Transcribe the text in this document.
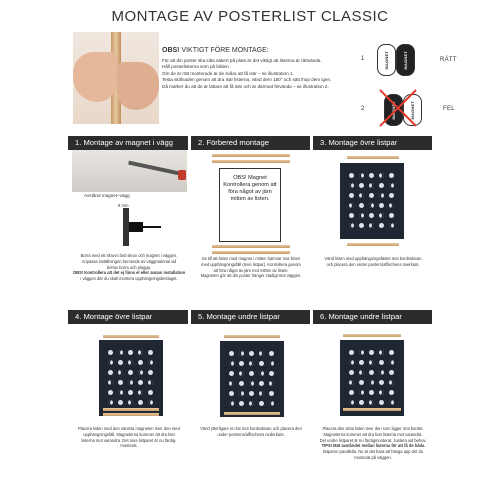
MONTAGE AV POSTERLIST CLASSIC
OBS! VIKTIGT FÖRE MONTAGE:
För att din poster ska sitta säkert på plats är det viktigt att listerna är rättvända.
Håll posterlisterna som på bilden.
Om de är rätt monterade är de svåra att få isär – se illustration 1.
Testa skillnaden genom att dra isär listerna, vänd dem 180° och sätt ihop dem igen.
Då märker du att de är lättare att få isär och är därmed felvända – se illustration 2.
1
2
RÄTT
FEL
MAGNET	MAGNET
MAGNET	MAGNET
1. Montage av magnet i vägg	2. Förbered montage	3. Montage övre listpar
Avstånd magnet–vägg
8 mm
OBS! Magnet Kontrollera genom att föra något av järn mitten av listen.
Borra med ett skruvs fast skruv och magnet i väggen.
Anpassa inställningen beroende av väggmaterial vid
behov borra och plugga.
OBS! Kontrollera att det ej finns el eller annan installation
i väggen där du skall montera upphängningsbeslaget.
Se till att listen med magnet i mitten hamnar mot listen
med upphängningsfäll (övre listpar). Kontrollera genom
att föra något av järn mot mitten av listen.
Magneten gör att din poster hänger stadigt mot väggen.
Vänd listen med upphängningsfästet mot bordsskivan
och placera den under postern/affischens överkant.
4. Montage övre listpar	5. Montage undre listpar	6. Montage undre listpar
Placera listen med den vänstra magneten över den med
upphängningsfäll. Magneterna kommer att dra fast
listerna mot varandra. Det övre listparet är nu färdig-
monterat.
Vänd ytterligare en list mot bordsskivan och placera den
under posterns/affischens nederkant.
Placera den sista listen över den som ligger mot bordet.
Magneterna kommer att dra fast listerna mot varandra.
Det undre listparet är nu färdigmonterat. Justera vid behov.
TIPS! Mät avståndet mellan listerna för att få de båda
listparen parallella. Nu är det bara att hänga upp det du
monterat på väggen.
